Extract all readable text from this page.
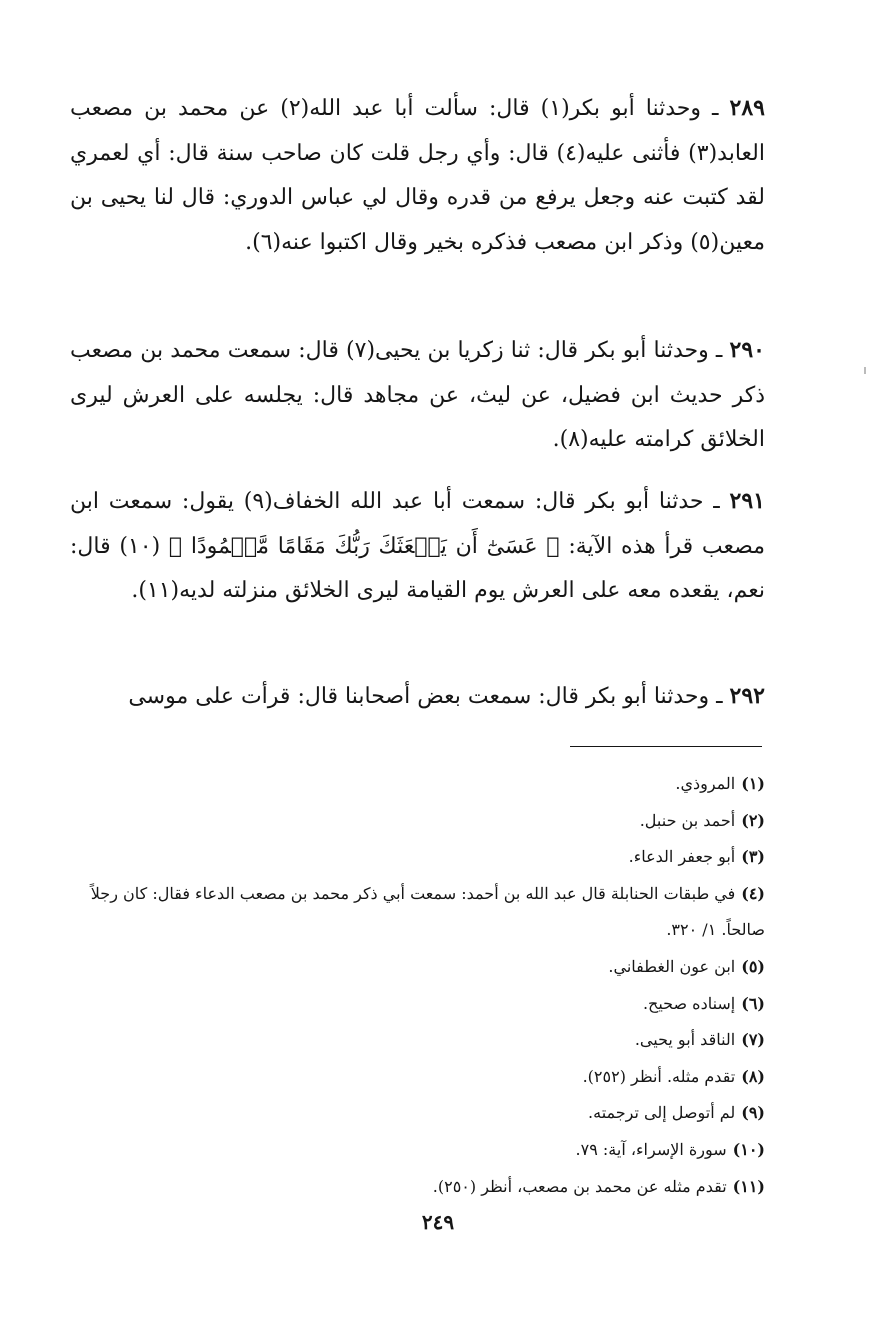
٢٨٩ ـ وحدثنا أبو بكر(١) قال: سألت أبا عبد الله(٢) عن محمد بن مصعب العابد(٣) فأثنى عليه(٤) قال: وأي رجل قلت كان صاحب سنة قال: أي لعمري لقد كتبت عنه وجعل يرفع من قدره وقال لي عباس الدوري: قال لنا يحيى بن معين(٥) وذكر ابن مصعب فذكره بخير وقال اكتبوا عنه(٦).
٢٩٠ ـ وحدثنا أبو بكر قال: ثنا زكريا بن يحيى(٧) قال: سمعت محمد بن مصعب ذكر حديث ابن فضيل، عن ليث، عن مجاهد قال: يجلسه على العرش ليرى الخلائق كرامته عليه(٨).
٢٩١ ـ حدثنا أبو بكر قال: سمعت أبا عبد الله الخفاف(٩) يقول: سمعت ابن مصعب قرأ هذه الآية: ﴿ عَسَىٰٓ أَن يَبۡعَثَكَ رَبُّكَ مَقَامًا مَّحۡمُودًا ﴾ (١٠) قال: نعم، يقعده معه على العرش يوم القيامة ليرى الخلائق منزلته لديه(١١).
٢٩٢ ـ وحدثنا أبو بكر قال: سمعت بعض أصحابنا قال: قرأت على موسى
(١)المروذي.
(٢)أحمد بن حنبل.
(٣)أبو جعفر الدعاء.
(٤)في طبقات الحنابلة قال عبد الله بن أحمد: سمعت أبي ذكر محمد بن مصعب الدعاء فقال: كان رجلاً صالحاً. ١/ ٣٢٠.
(٥)ابن عون الغطفاني.
(٦)إسناده صحيح.
(٧)الناقد أبو يحيى.
(٨)تقدم مثله. أنظر (٢٥٢).
(٩)لم أتوصل إلى ترجمته.
(١٠)سورة الإسراء، آية: ٧٩.
(١١)تقدم مثله عن محمد بن مصعب، أنظر (٢٥٠).
٢٤٩
